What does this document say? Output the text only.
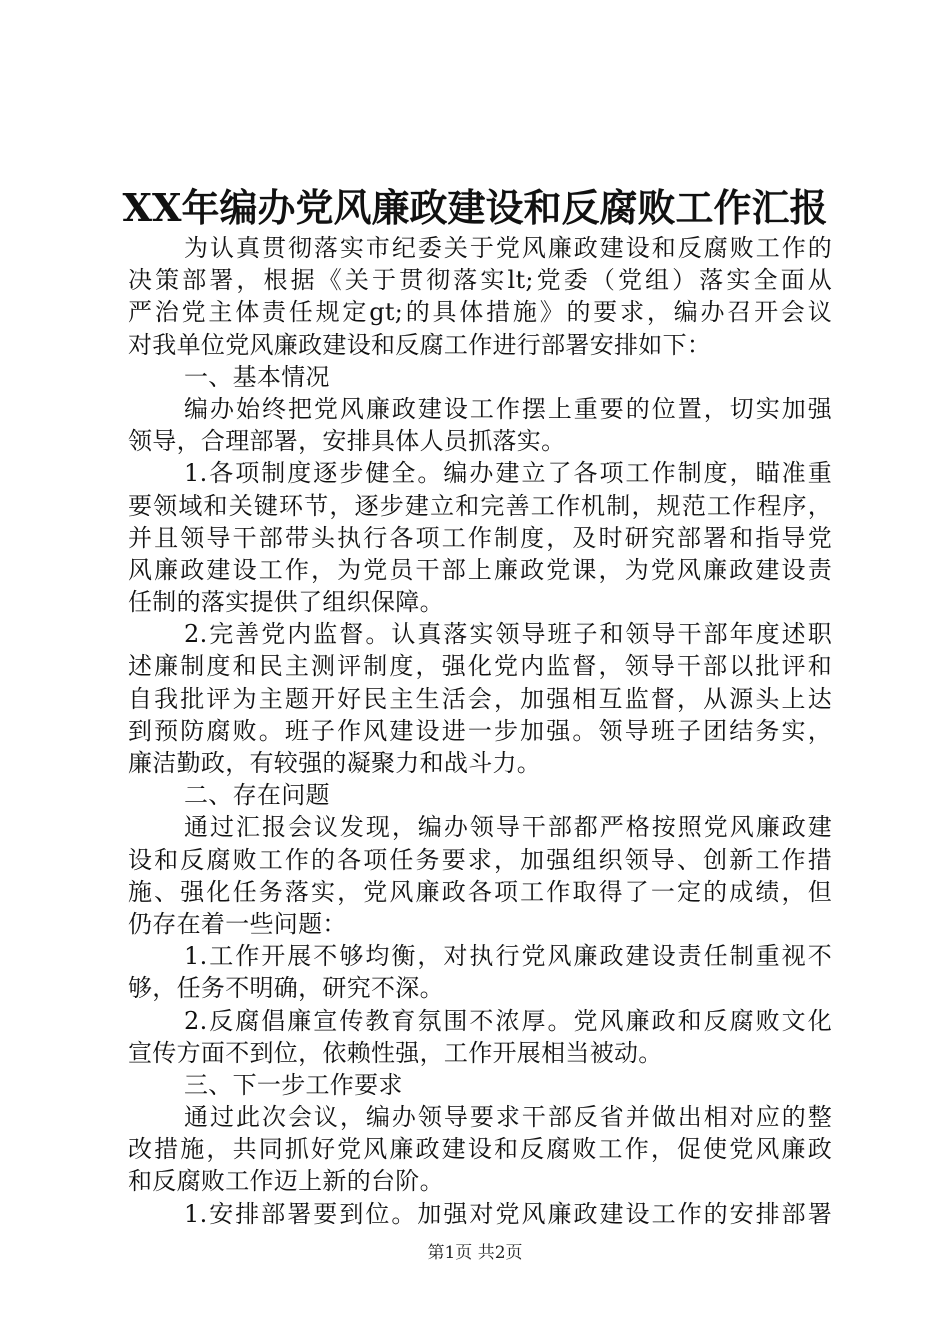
XX年编办党风廉政建设和反腐败工作汇报
为认真贯彻落实市纪委关于党风廉政建设和反腐败工作的
决策部署，根据《关于贯彻落实lt;党委（党组）落实全面从
严治党主体责任规定gt;的具体措施》的要求，编办召开会议
对我单位党风廉政建设和反腐工作进行部署安排如下：
一、基本情况
编办始终把党风廉政建设工作摆上重要的位置，切实加强
领导，合理部署，安排具体人员抓落实。
1.各项制度逐步健全。编办建立了各项工作制度，瞄准重
要领域和关键环节，逐步建立和完善工作机制，规范工作程序，
并且领导干部带头执行各项工作制度，及时研究部署和指导党
风廉政建设工作，为党员干部上廉政党课，为党风廉政建设责
任制的落实提供了组织保障。
2.完善党内监督。认真落实领导班子和领导干部年度述职
述廉制度和民主测评制度，强化党内监督，领导干部以批评和
自我批评为主题开好民主生活会，加强相互监督，从源头上达
到预防腐败。班子作风建设进一步加强。领导班子团结务实，
廉洁勤政，有较强的凝聚力和战斗力。
二、存在问题
通过汇报会议发现，编办领导干部都严格按照党风廉政建
设和反腐败工作的各项任务要求，加强组织领导、创新工作措
施、强化任务落实，党风廉政各项工作取得了一定的成绩，但
仍存在着一些问题：
1.工作开展不够均衡，对执行党风廉政建设责任制重视不
够，任务不明确，研究不深。
2.反腐倡廉宣传教育氛围不浓厚。党风廉政和反腐败文化
宣传方面不到位，依赖性强，工作开展相当被动。
三、下一步工作要求
通过此次会议，编办领导要求干部反省并做出相对应的整
改措施，共同抓好党风廉政建设和反腐败工作，促使党风廉政
和反腐败工作迈上新的台阶。
1.安排部署要到位。加强对党风廉政建设工作的安排部署
第1页 共2页
